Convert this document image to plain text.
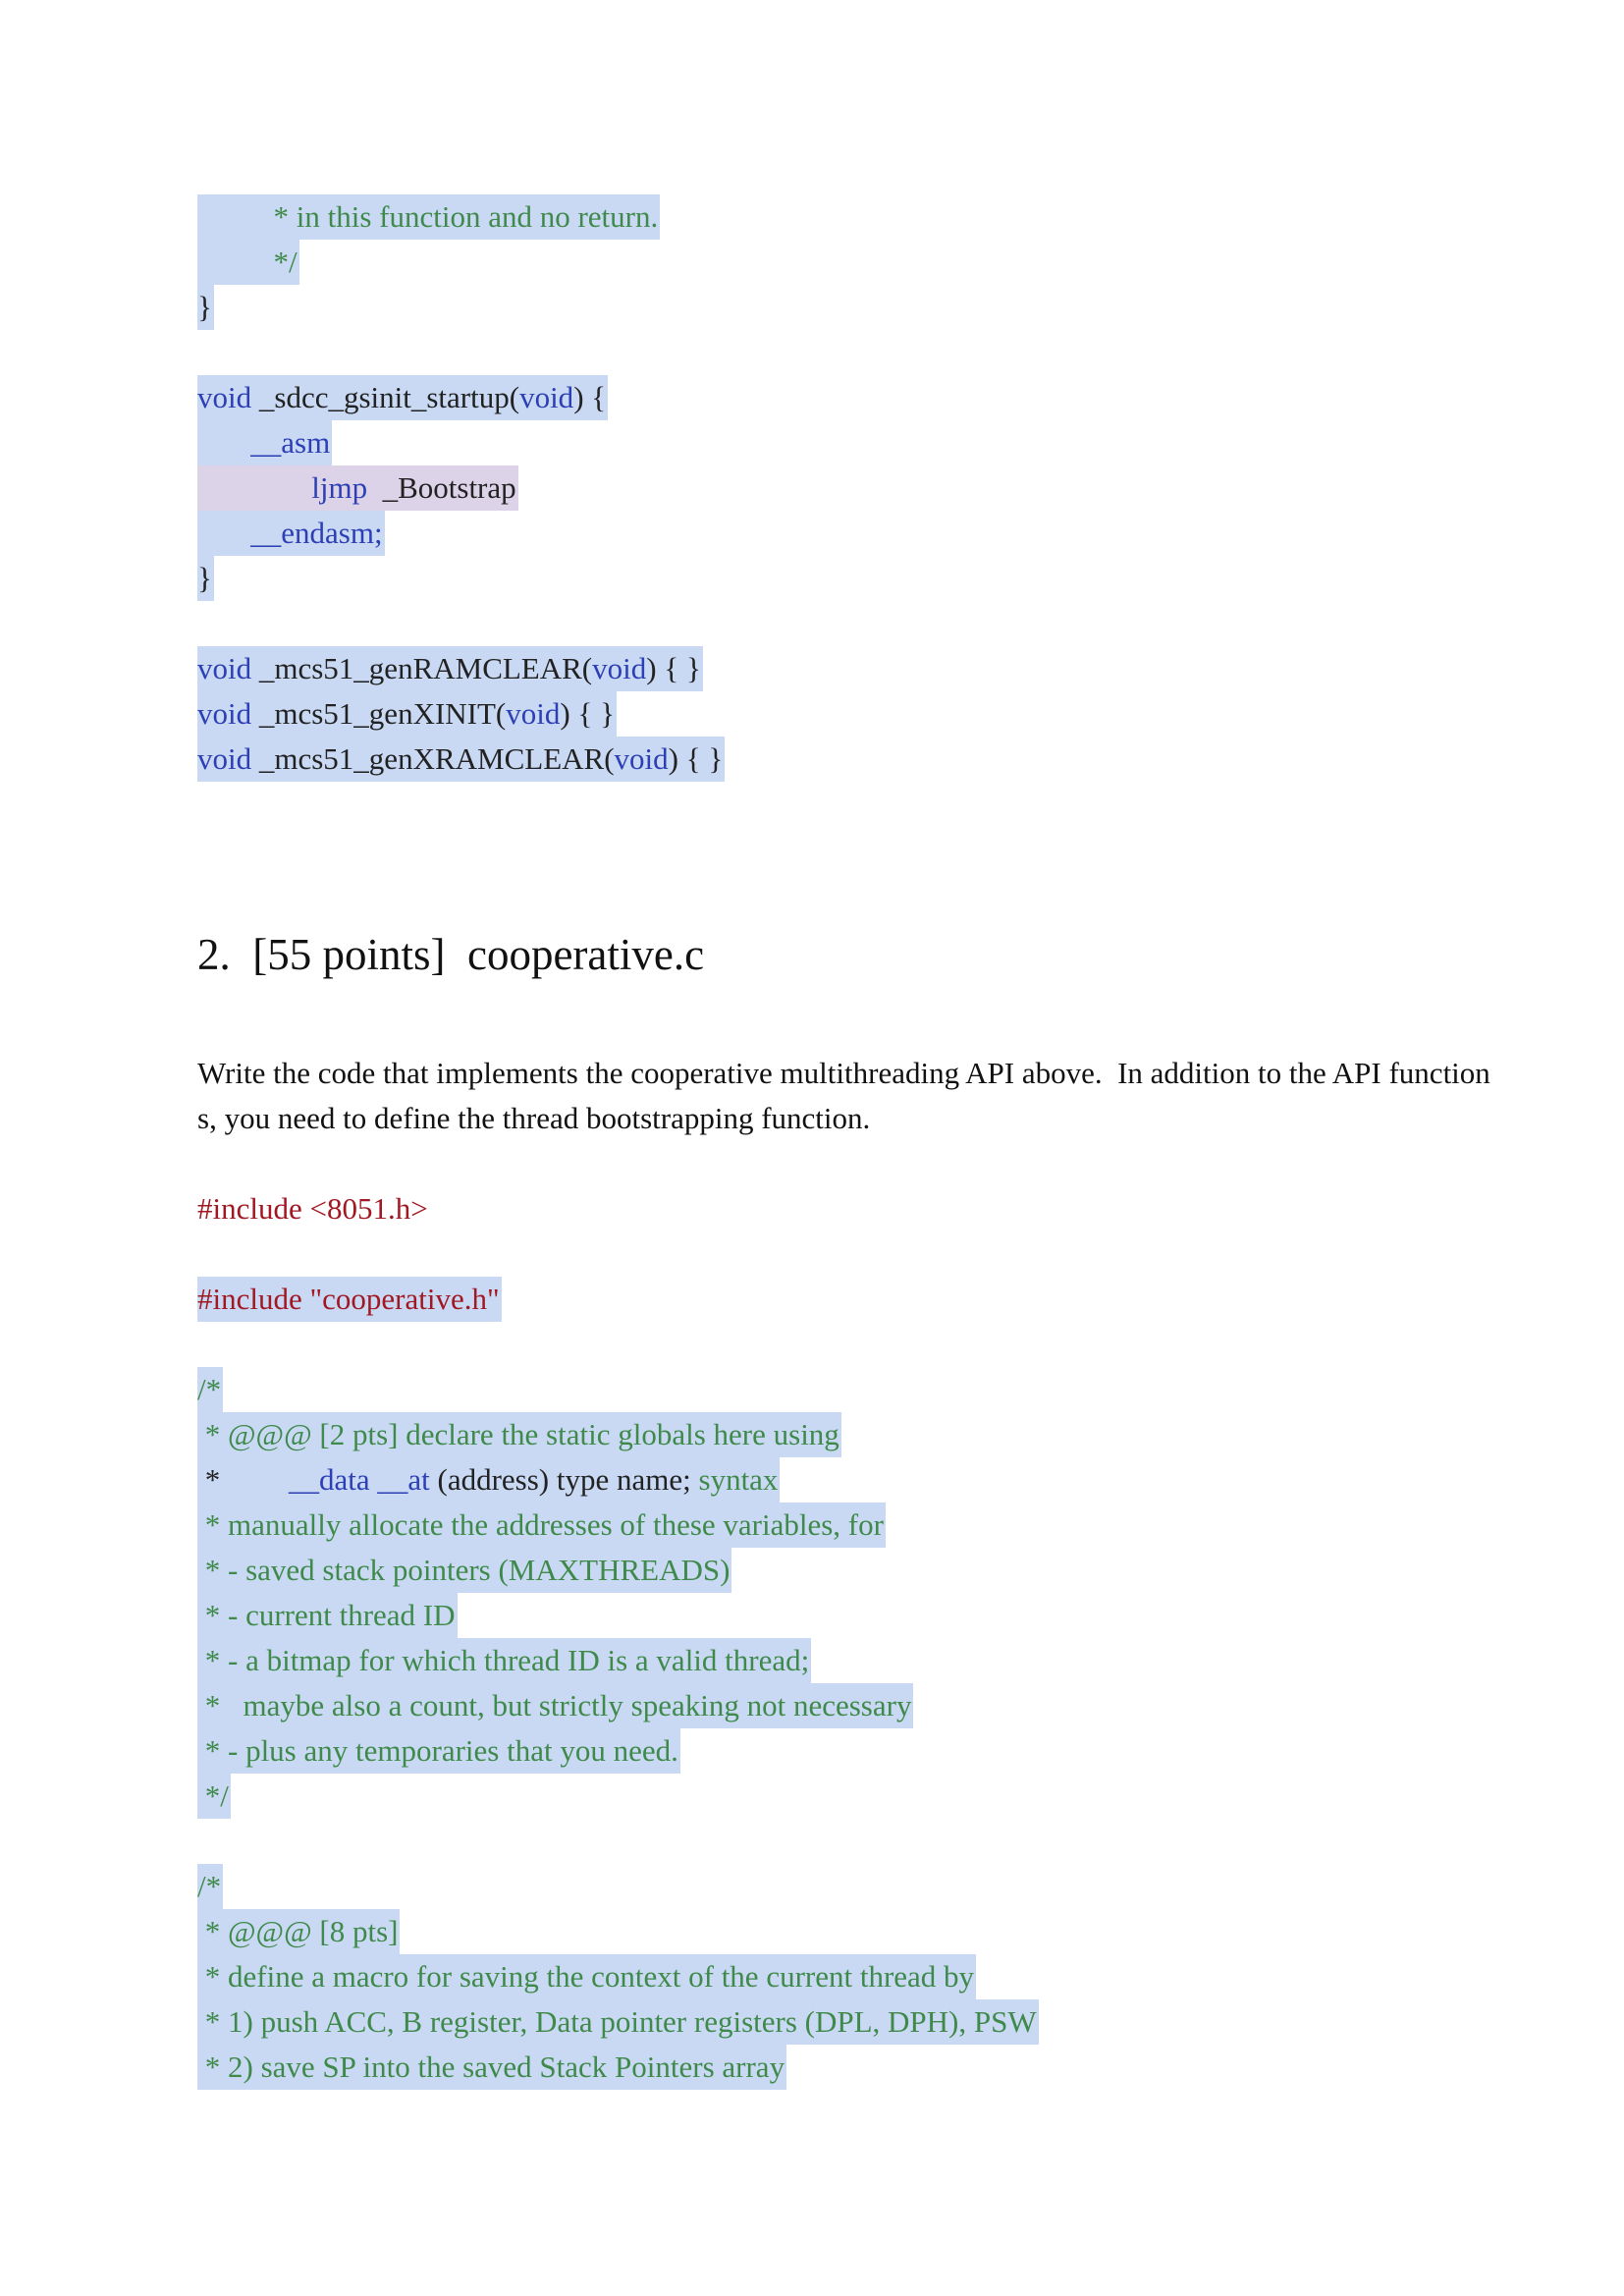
* in this function and no return.
*/
}
void _sdcc_gsinit_startup(void) {
__asm
ljmp  _Bootstrap
__endasm;
}
void _mcs51_genRAMCLEAR(void) { }
void _mcs51_genXINIT(void) { }
void _mcs51_genXRAMCLEAR(void) { }
2.  [55 points]  cooperative.c
Write the code that implements the cooperative multithreading API above.  In addition to the API function
s, you need to define the thread bootstrapping function.
#include <8051.h>
#include "cooperative.h"
/*
* @@@ [2 pts] declare the static globals here using
*         __data __at (address) type name; syntax
* manually allocate the addresses of these variables, for
* - saved stack pointers (MAXTHREADS)
* - current thread ID
* - a bitmap for which thread ID is a valid thread;
*   maybe also a count, but strictly speaking not necessary
* - plus any temporaries that you need.
*/
/*
* @@@ [8 pts]
* define a macro for saving the context of the current thread by
* 1) push ACC, B register, Data pointer registers (DPL, DPH), PSW
* 2) save SP into the saved Stack Pointers array
